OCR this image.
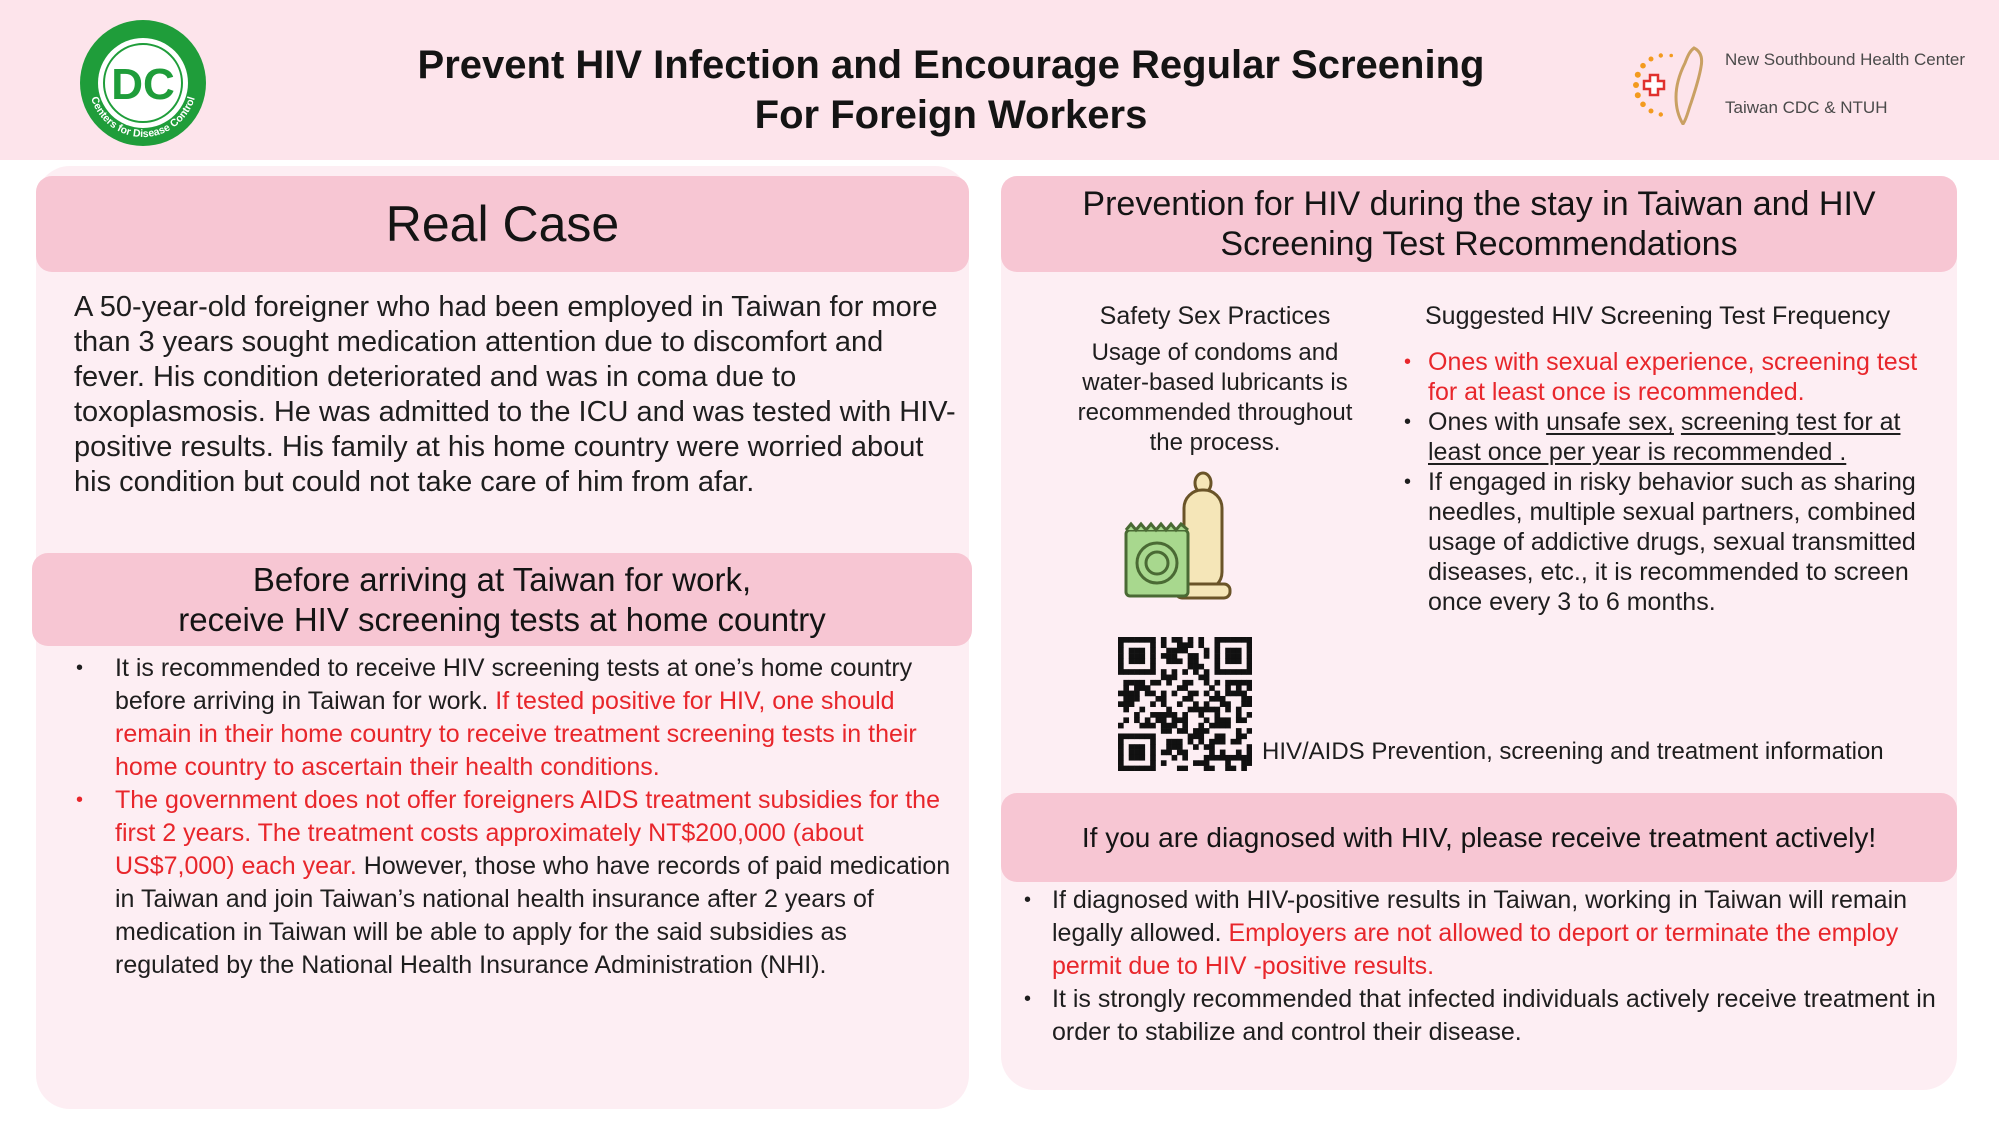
Centers for Disease Control
DC	Prevent HIV Infection and Encourage Regular Screening
For Foreign Workers
New Southbound Health Center
Taiwan CDC & NTUH
Real Case
A 50-year-old foreigner who had been employed in Taiwan for more than 3 years sought medication attention due to discomfort and fever. His condition deteriorated and was in coma due to toxoplasmosis. He was admitted to the ICU and was tested with HIV-positive results. His family at his home country were worried about his condition but could not take care of him from afar.
Before arriving at Taiwan for work,
receive HIV screening tests at home country
• It is recommended to receive HIV screening tests at one’s home country before arriving in Taiwan for work. If tested positive for HIV, one should remain in their home country to receive treatment screening tests in their home country to ascertain their health conditions.
• The government does not offer foreigners AIDS treatment subsidies for the first 2 years. The treatment costs approximately NT$200,000 (about US$7,000) each year. However, those who have records of paid medication in Taiwan and join Taiwan’s national health insurance after 2 years of medication in Taiwan will be able to apply for the said subsidies as regulated by the National Health Insurance Administration (NHI).
Prevention for HIV during the stay in Taiwan and HIV
Screening Test Recommendations
Safety Sex Practices
Usage of condoms and
water-based lubricants is
recommended throughout
the process.
HIV/AIDS Prevention, screening and treatment information
Suggested HIV Screening Test Frequency
• Ones with sexual experience, screening test for at least once is recommended.
• Ones with unsafe sex, screening test for at least once per year is recommended .
• If engaged in risky behavior such as sharing needles, multiple sexual partners, combined usage of addictive drugs, sexual transmitted diseases, etc., it is recommended to screen once every 3 to 6 months.
If you are diagnosed with HIV, please receive treatment actively!
• If diagnosed with HIV-positive results in Taiwan, working in Taiwan will remain legally allowed. Employers are not allowed to deport or terminate the employ permit due to HIV -positive results.
• It is strongly recommended that infected individuals actively receive treatment in order to stabilize and control their disease.
